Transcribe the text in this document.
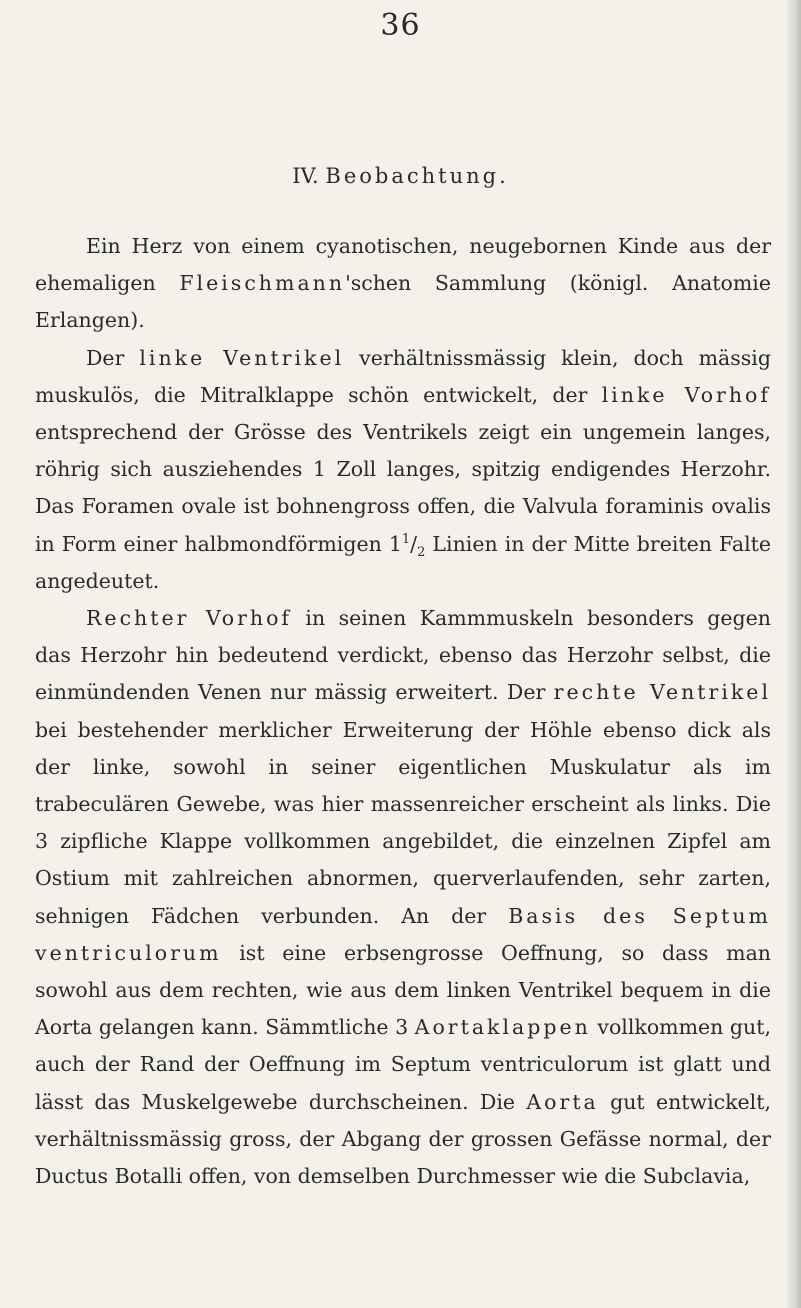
36
IV. Beobachtung.

Ein Herz von einem cyanotischen, neugebornen Kinde aus der ehemaligen Fleischmann'schen Sammlung (königl. Anatomie Erlangen).

Der linke Ventrikel verhältnissmässig klein, doch mässig muskulös, die Mitralklappe schön entwickelt, der linke Vorhof entsprechend der Grösse des Ventrikels zeigt ein ungemein langes, röhrig sich ausziehendes 1 Zoll langes, spitzig endigendes Herzohr. Das Foramen ovale ist bohnengross offen, die Valvula foraminis ovalis in Form einer halbmondförmigen $1^1/_2$ Linien in der Mitte breiten Falte angedeutet.

Rechter Vorhof in seinen Kammmuskeln besonders gegen das Herzohr hin bedeutend verdickt, ebenso das Herzohr selbst, die einmündenden Venen nur mässig erweitert. Der rechte Ventrikel bei bestehender merklicher Erweiterung der Höhle ebenso dick als der linke, sowohl in seiner eigentlichen Muskulatur als im trabeculären Gewebe, was hier massenreicher erscheint als links. Die 3 zipfliche Klappe vollkommen angebildet, die einzelnen Zipfel am Ostium mit zahlreichen abnormen, querverlaufenden, sehr zarten, sehnigen Fädchen verbunden. An der Basis des Septum ventriculorum ist eine erbsengrosse Oeffnung, so dass man sowohl aus dem rechten, wie aus dem linken Ventrikel bequem in die Aorta gelangen kann. Sämmtliche 3 Aortaklappen vollkommen gut, auch der Rand der Oeffnung im Septum ventriculorum ist glatt und lässt das Muskelgewebe durchscheinen. Die Aorta gut entwickelt, verhältnissmässig gross, der Abgang der grossen Gefässe normal, der Ductus Botalli offen, von demselben Durchmesser wie die Subclavia,
